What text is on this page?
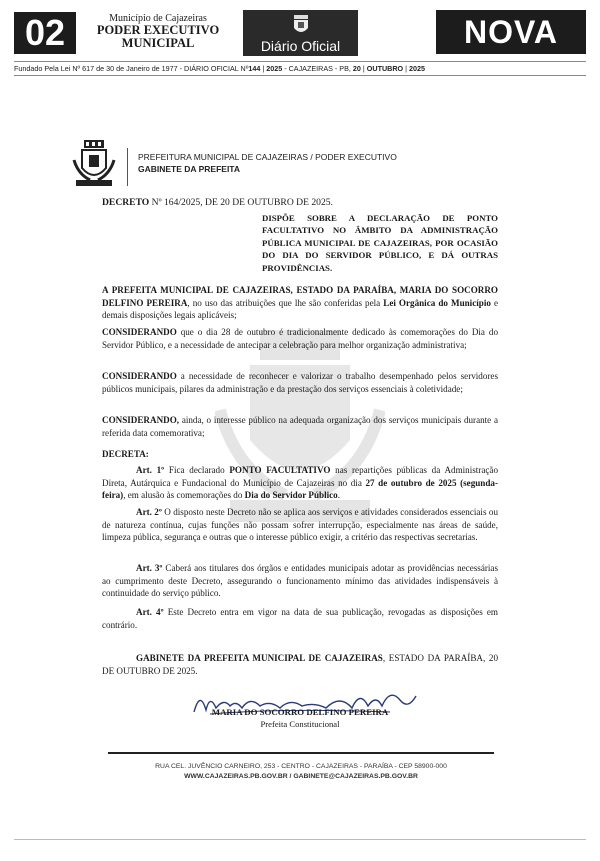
02	Município de Cajazeiras
PODER EXECUTIVO
MUNICIPAL	Diário Oficial	NOVA ERA
Fundado Pela Lei Nº 617 de 30 de Janeiro de 1977 - DIÁRIO OFICIAL Nº144 | 2025 - CAJAZEIRAS - PB, 20 | OUTUBRO | 2025
PREFEITURA MUNICIPAL DE CAJAZEIRAS / PODER EXECUTIVO
GABINETE DA PREFEITA
DECRETO Nº 164/2025, DE 20 DE OUTUBRO DE 2025.
DISPÕE SOBRE A DECLARAÇÃO DE PONTO FACULTATIVO NO ÂMBITO DA ADMINISTRAÇÃO PÚBLICA MUNICIPAL DE CAJAZEIRAS, POR OCASIÃO DO DIA DO SERVIDOR PÚBLICO, E DÁ OUTRAS PROVIDÊNCIAS.
A PREFEITA MUNICIPAL DE CAJAZEIRAS, ESTADO DA PARAÍBA, MARIA DO SOCORRO DELFINO PEREIRA, no uso das atribuições que lhe são conferidas pela Lei Orgânica do Município e demais disposições legais aplicáveis;
CONSIDERANDO que o dia 28 de outubro é tradicionalmente dedicado às comemorações do Dia do Servidor Público, e a necessidade de antecipar a celebração para melhor organização administrativa;
CONSIDERANDO a necessidade de reconhecer e valorizar o trabalho desempenhado pelos servidores públicos municipais, pilares da administração e da prestação dos serviços essenciais à coletividade;
CONSIDERANDO, ainda, o interesse público na adequada organização dos serviços municipais durante a referida data comemorativa;
DECRETA:
Art. 1º Fica declarado PONTO FACULTATIVO nas repartições públicas da Administração Direta, Autárquica e Fundacional do Município de Cajazeiras no dia 27 de outubro de 2025 (segunda-feira), em alusão às comemorações do Dia do Servidor Público.
Art. 2º O disposto neste Decreto não se aplica aos serviços e atividades considerados essenciais ou de natureza contínua, cujas funções não possam sofrer interrupção, especialmente nas áreas de saúde, limpeza pública, segurança e outras que o interesse público exigir, a critério das respectivas secretarias.
Art. 3º Caberá aos titulares dos órgãos e entidades municipais adotar as providências necessárias ao cumprimento deste Decreto, assegurando o funcionamento mínimo das atividades indispensáveis à continuidade do serviço público.
Art. 4º Este Decreto entra em vigor na data de sua publicação, revogadas as disposições em contrário.
GABINETE DA PREFEITA MUNICIPAL DE CAJAZEIRAS, ESTADO DA PARAÍBA, 20 DE OUTUBRO DE 2025.
MARIA DO SOCORRO DELFINO PEREIRA
Prefeita Constitucional
RUA CEL. JUVÊNCIO CARNEIRO, 253 - CENTRO - CAJAZEIRAS - PARAÍBA - CEP 58900-000
WWW.CAJAZEIRAS.PB.GOV.BR / GABINETE@CAJAZEIRAS.PB.GOV.BR
